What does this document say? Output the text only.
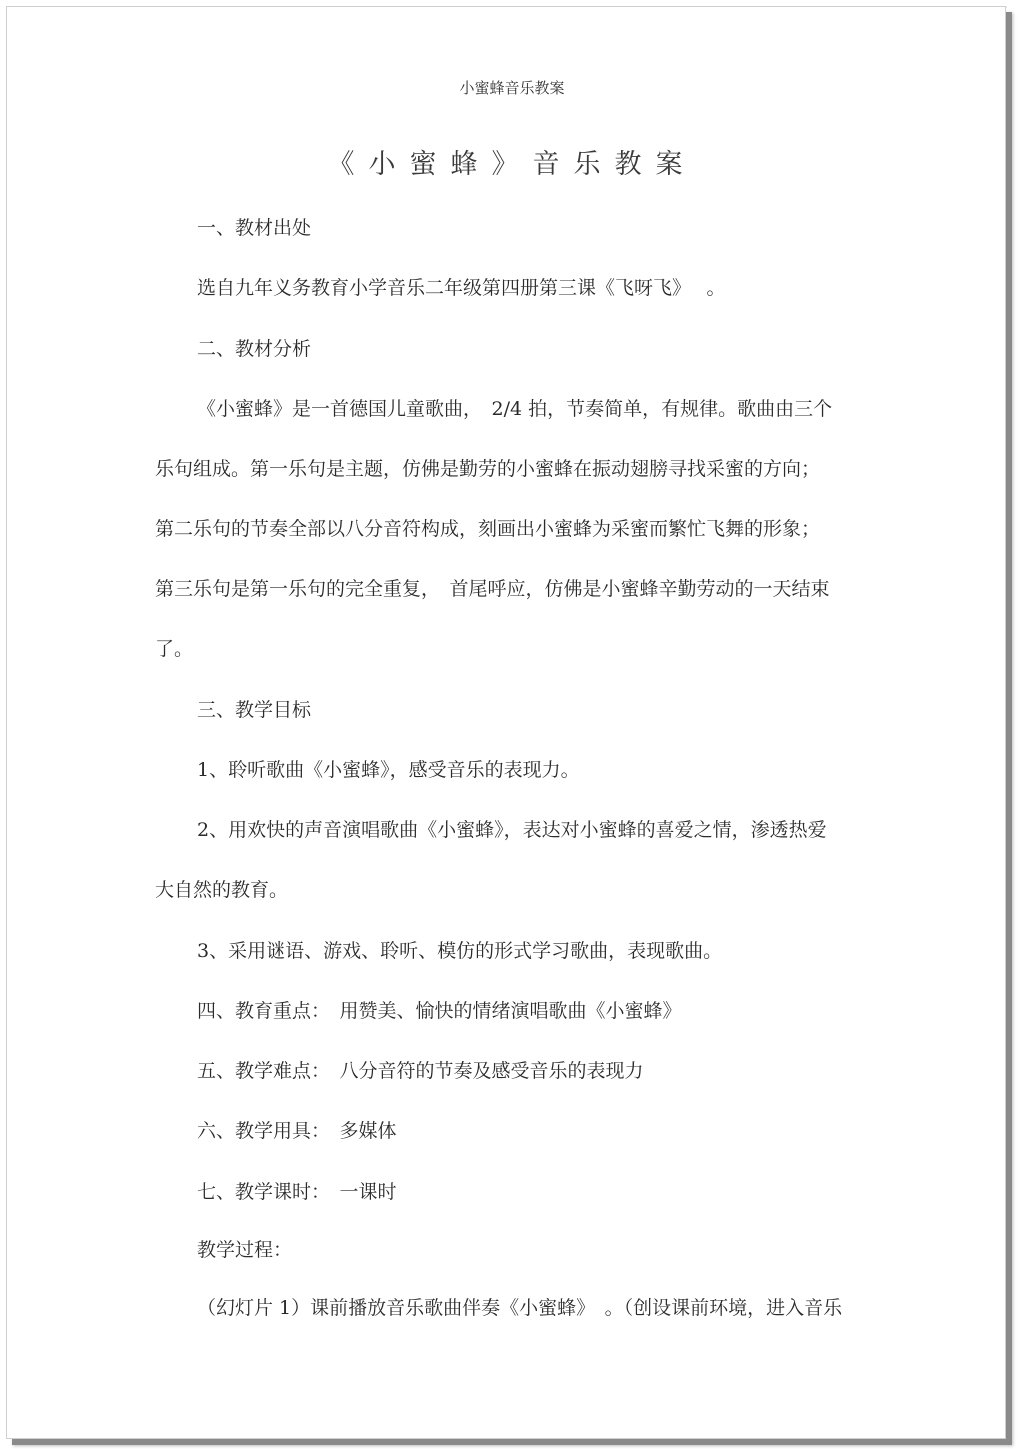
小蜜蜂音乐教案
《小蜜蜂》音乐教案
一、教材出处
选自九年义务教育小学音乐二年级第四册第三课《飞呀飞》　 。
二、教材分析
《小蜜蜂》是一首德国儿童歌曲，　2/4 拍，节奏简单，有规律。歌曲由三个
乐句组成。第一乐句是主题，仿佛是勤劳的小蜜蜂在振动翅膀寻找采蜜的方向；
第二乐句的节奏全部以八分音符构成，刻画出小蜜蜂为采蜜而繁忙飞舞的形象；
第三乐句是第一乐句的完全重复，　首尾呼应，仿佛是小蜜蜂辛勤劳动的一天结束
了。
三、教学目标
1、聆听歌曲《小蜜蜂》，感受音乐的表现力。
2、用欢快的声音演唱歌曲《小蜜蜂》，表达对小蜜蜂的喜爱之情，渗透热爱
大自然的教育。
3、采用谜语、游戏、聆听、模仿的形式学习歌曲，表现歌曲。
四、教育重点：　用赞美、愉快的情绪演唱歌曲《小蜜蜂》
五、教学难点：　八分音符的节奏及感受音乐的表现力
六、教学用具：　多媒体
七、教学课时：　一课时
教学过程：
（幻灯片 1）课前播放音乐歌曲伴奏《小蜜蜂》　。（创设课前环境，进入音乐
